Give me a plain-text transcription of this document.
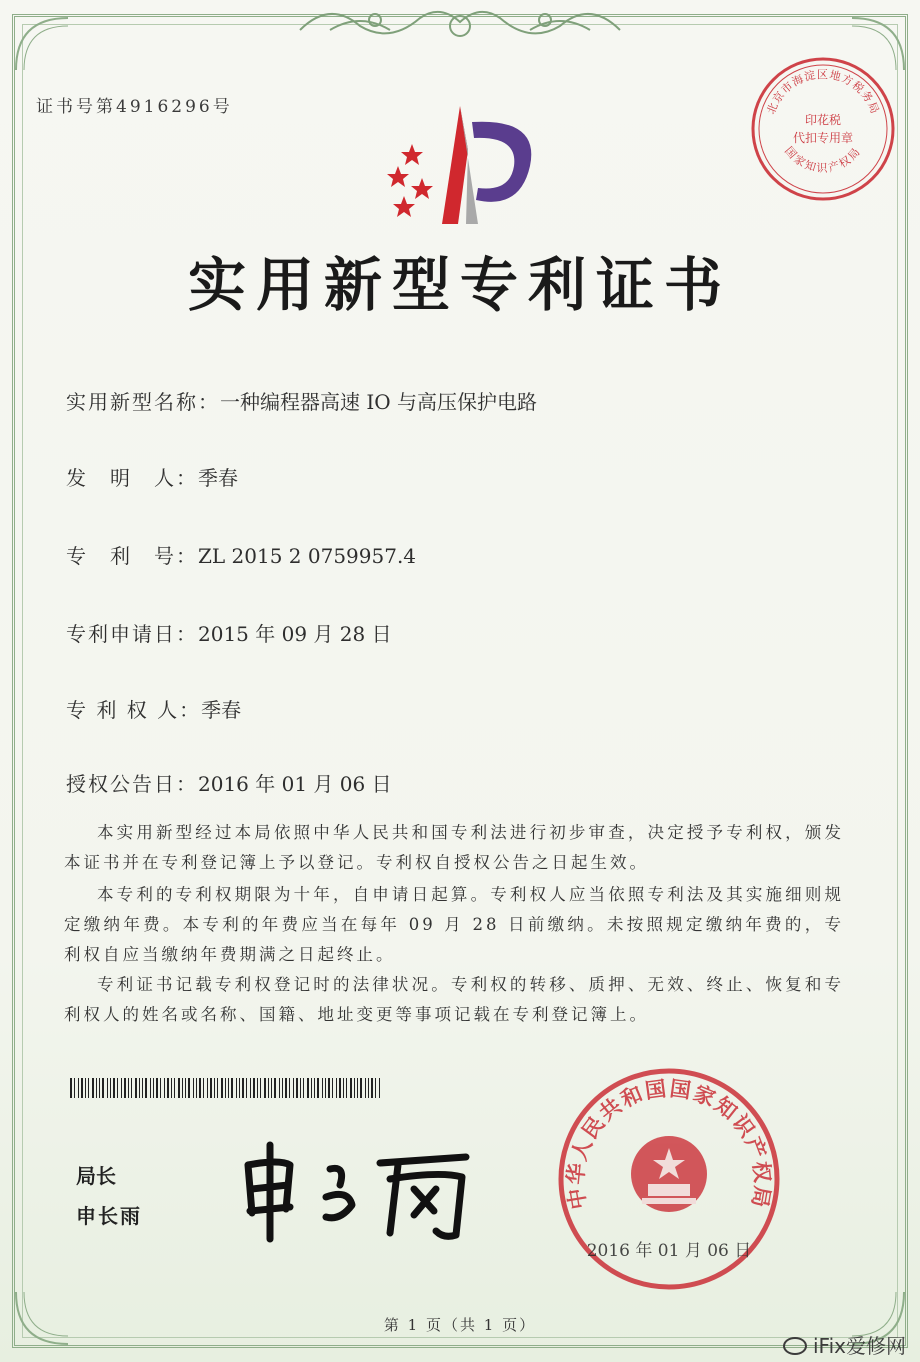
证书号第4916296号
实用新型专利证书
实用新型名称：一种编程器高速 IO 与高压保护电路
发　明　人：季春
专　利　号：ZL 2015 2 0759957.4
专利申请日：2015 年 09 月 28 日
专 利 权 人：季春
授权公告日：2016 年 01 月 06 日
本实用新型经过本局依照中华人民共和国专利法进行初步审查，决定授予专利权，颁发本证书并在专利登记簿上予以登记。专利权自授权公告之日起生效。
本专利的专利权期限为十年，自申请日起算。专利权人应当依照专利法及其实施细则规定缴纳年费。本专利的年费应当在每年 09 月 28 日前缴纳。未按照规定缴纳年费的，专利权自应当缴纳年费期满之日起终止。
专利证书记载专利权登记时的法律状况。专利权的转移、质押、无效、终止、恢复和专利权人的姓名或名称、国籍、地址变更等事项记载在专利登记簿上。
局长
申长雨
北京市海淀区地方税务局
印花税
代扣专用章
国家知识产权局
中华人民共和国国家知识产权局
2016 年 01 月 06 日
第 1 页（共 1 页）
iFix爱修网
